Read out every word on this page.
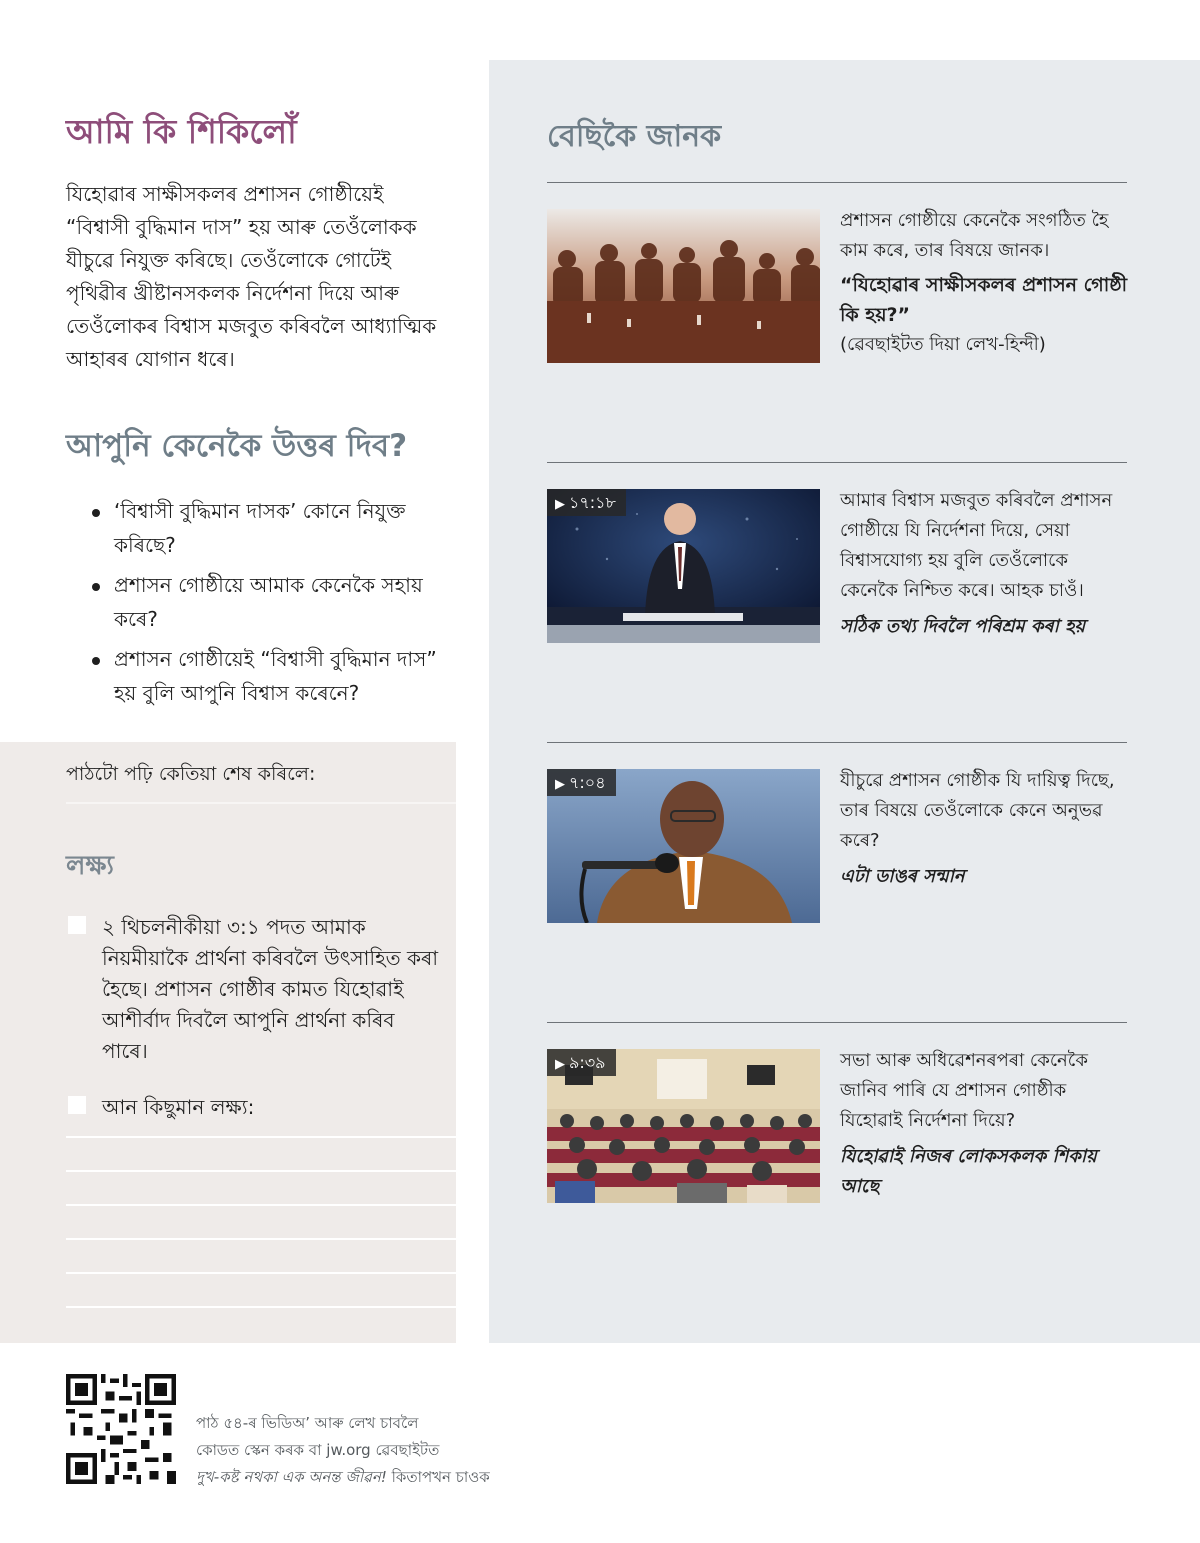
আমি কি শিকিলোঁ

যিহোৱাৰ সাক্ষীসকলৰ প্ৰশাসন গোষ্ঠীয়েই “বিশ্বাসী বুদ্ধিমান দাস” হয় আৰু তেওঁলোকক যীচুৱে নিযুক্ত কৰিছে। তেওঁলোকে গোটেই পৃথিৱীৰ খ্ৰীষ্টানসকলক নিৰ্দেশনা দিয়ে আৰু তেওঁলোকৰ বিশ্বাস মজবুত কৰিবলৈ আধ্যাত্মিক আহাৰৰ যোগান ধৰে।

আপুনি কেনেকৈ উত্তৰ দিব?
‘বিশ্বাসী বুদ্ধিমান দাসক’ কোনে নিযুক্ত কৰিছে?
প্ৰশাসন গোষ্ঠীয়ে আমাক কেনেকৈ সহায় কৰে?
প্ৰশাসন গোষ্ঠীয়েই “বিশ্বাসী বুদ্ধিমান দাস” হয় বুলি আপুনি বিশ্বাস কৰেনে?

পাঠটো পঢ়ি কেতিয়া শেষ কৰিলে:

লক্ষ্য
২ থিচলনীকীয়া ৩:১ পদত আমাক নিয়মীয়াকৈ প্ৰাৰ্থনা কৰিবলৈ উৎসাহিত কৰা হৈছে। প্ৰশাসন গোষ্ঠীৰ কামত যিহোৱাই আশীৰ্বাদ দিবলৈ আপুনি প্ৰাৰ্থনা কৰিব পাৰে।
আন কিছুমান লক্ষ্য:
বেছিকৈ জানক

প্ৰশাসন গোষ্ঠীয়ে কেনেকৈ সংগঠিত হৈ কাম কৰে, তাৰ বিষয়ে জানক।

“যিহোৱাৰ সাক্ষীসকলৰ প্ৰশাসন গোষ্ঠী কি হয়?”

(ৱেবছাইটত দিয়া লেখ-হিন্দী)

▶ ১৭:১৮	আমাৰ বিশ্বাস মজবুত কৰিবলৈ প্ৰশাসন গোষ্ঠীয়ে যি নিৰ্দেশনা দিয়ে, সেয়া বিশ্বাসযোগ্য হয় বুলি তেওঁলোকে কেনেকৈ নিশ্চিত কৰে। আহক চাওঁ।

সঠিক তথ্য দিবলৈ পৰিশ্ৰম কৰা হয়

▶ ৭:০৪	যীচুৱে প্ৰশাসন গোষ্ঠীক যি দায়িত্ব দিছে, তাৰ বিষয়ে তেওঁলোকে কেনে অনুভৱ কৰে?

এটা ডাঙৰ সন্মান

▶ ৯:৩৯	সভা আৰু অধিৱেশনৰপৰা কেনেকৈ জানিব পাৰি যে প্ৰশাসন গোষ্ঠীক যিহোৱাই নিৰ্দেশনা দিয়ে?

যিহোৱাই নিজৰ লোকসকলক শিকায় আছে

পাঠ ৫৪-ৰ ভিডিঅ’ আৰু লেখ চাবলৈ

কোডত স্কেন কৰক বা jw.org ৱেবছাইটত

দুখ-কষ্ট নথকা এক অনন্ত জীৱন! কিতাপখন চাওক
